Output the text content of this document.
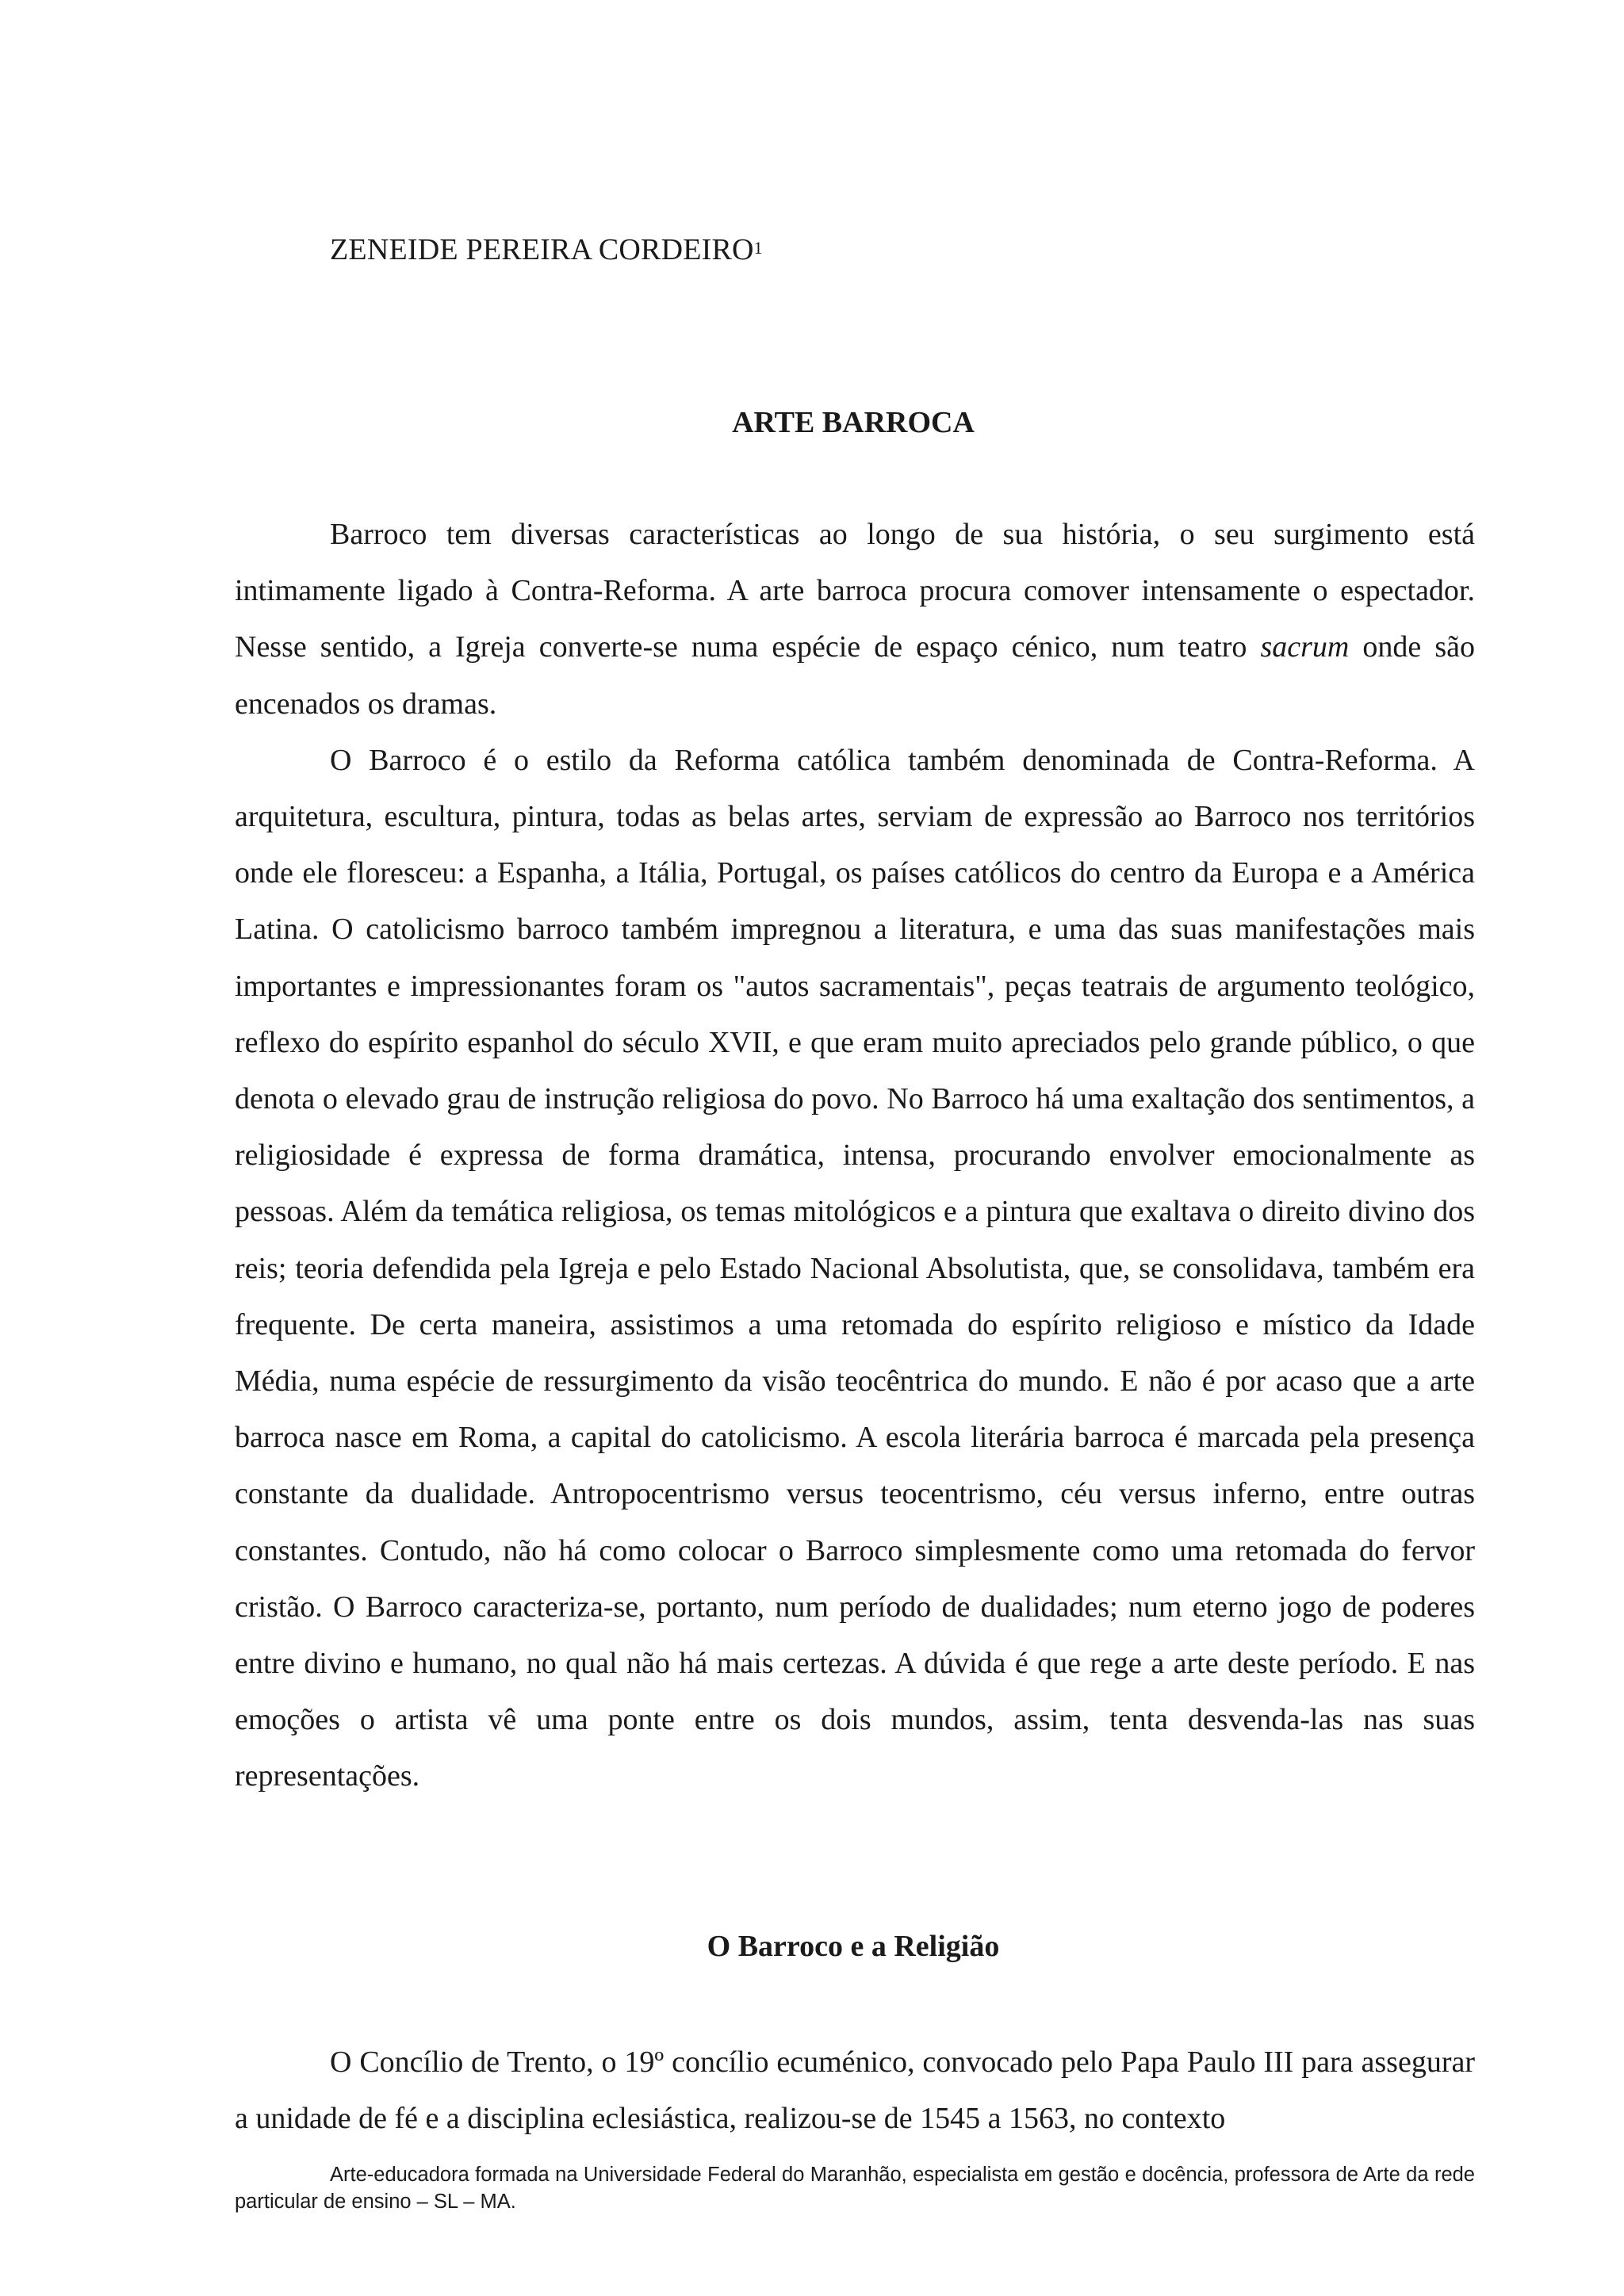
ZENEIDE PEREIRA CORDEIRO$^1$
ARTE BARROCA

Barroco tem diversas características ao longo de sua história, o seu surgimento está intimamente ligado à Contra-Reforma. A arte barroca procura comover intensamente o espectador. Nesse sentido, a Igreja converte-se numa espécie de espaço cénico, num teatro sacrum onde são encenados os dramas.

O Barroco é o estilo da Reforma católica também denominada de Contra-Reforma. A arquitetura, escultura, pintura, todas as belas artes, serviam de expressão ao Barroco nos territórios onde ele floresceu: a Espanha, a Itália, Portugal, os países católicos do centro da Europa e a América Latina. O catolicismo barroco também impregnou a literatura, e uma das suas manifestações mais importantes e impressionantes foram os "autos sacramentais", peças teatrais de argumento teológico, reflexo do espírito espanhol do século XVII, e que eram muito apreciados pelo grande público, o que denota o elevado grau de instrução religiosa do povo. No Barroco há uma exaltação dos sentimentos, a religiosidade é expressa de forma dramática, intensa, procurando envolver emocionalmente as pessoas. Além da temática religiosa, os temas mitológicos e a pintura que exaltava o direito divino dos reis; teoria defendida pela Igreja e pelo Estado Nacional Absolutista, que, se consolidava, também era frequente. De certa maneira, assistimos a uma retomada do espírito religioso e místico da Idade Média, numa espécie de ressurgimento da visão teocêntrica do mundo. E não é por acaso que a arte barroca nasce em Roma, a capital do catolicismo. A escola literária barroca é marcada pela presença constante da dualidade. Antropocentrismo versus teocentrismo, céu versus inferno, entre outras constantes. Contudo, não há como colocar o Barroco simplesmente como uma retomada do fervor cristão. O Barroco caracteriza-se, portanto, num período de dualidades; num eterno jogo de poderes entre divino e humano, no qual não há mais certezas. A dúvida é que rege a arte deste período. E nas emoções o artista vê uma ponte entre os dois mundos, assim, tenta desvenda-las nas suas representações.

O Barroco e a Religião

O Concílio de Trento, o 19º concílio ecuménico, convocado pelo Papa Paulo III para assegurar a unidade de fé e a disciplina eclesiástica, realizou-se de 1545 a 1563, no contexto

Arte-educadora formada na Universidade Federal do Maranhão, especialista em gestão e docência, professora de Arte da rede particular de ensino – SL – MA.
